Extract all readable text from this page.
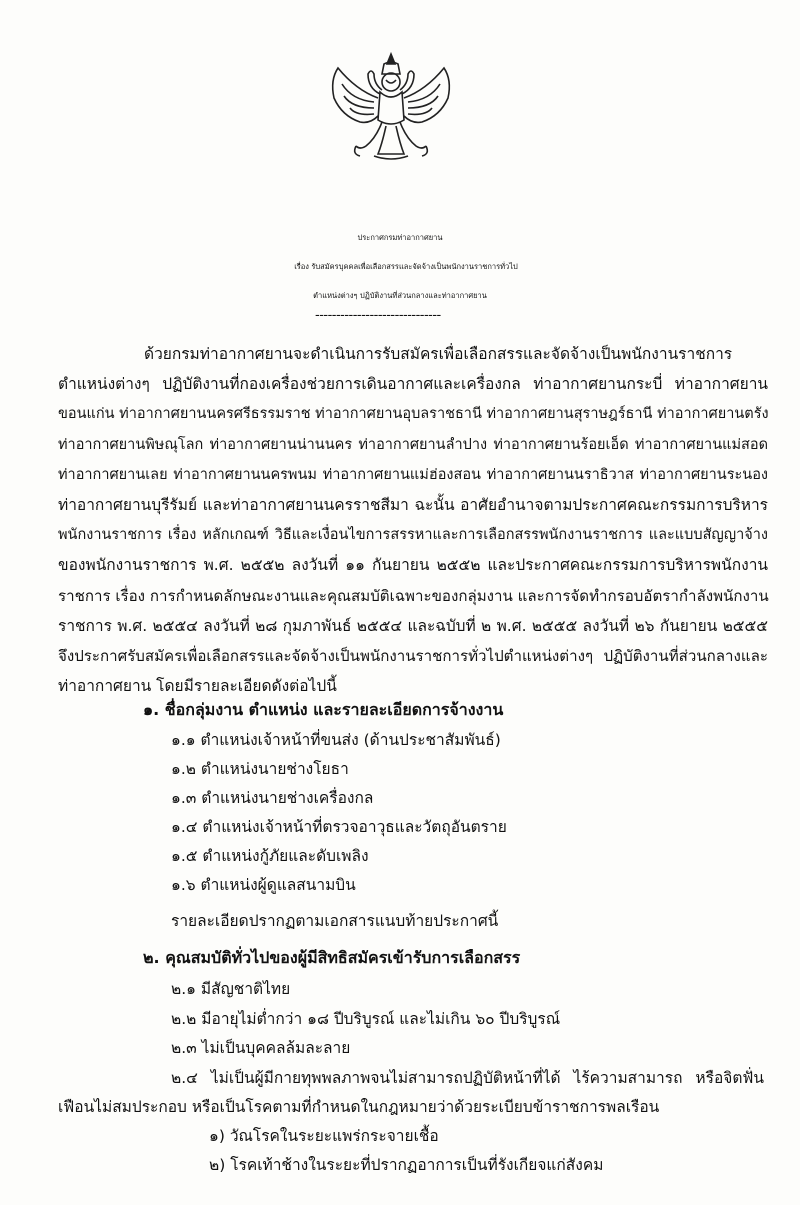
ประกาศกรมท่าอากาศยาน
เรื่อง รับสมัครบุคคลเพื่อเลือกสรรและจัดจ้างเป็นพนักงานราชการทั่วไป
ตำแหน่งต่างๆ ปฏิบัติงานที่ส่วนกลางและท่าอากาศยาน
------------------------------
ด้วยกรมท่าอากาศยานจะดำเนินการรับสมัครเพื่อเลือกสรรและจัดจ้างเป็นพนักงานราชการ
ตำแหน่งต่างๆ ปฏิบัติงานที่กองเครื่องช่วยการเดินอากาศและเครื่องกล ท่าอากาศยานกระบี่ ท่าอากาศยาน
ขอนแก่น ท่าอากาศยานนครศรีธรรมราช ท่าอากาศยานอุบลราชธานี ท่าอากาศยานสุราษฎร์ธานี ท่าอากาศยานตรัง
ท่าอากาศยานพิษณุโลก ท่าอากาศยานน่านนคร ท่าอากาศยานลำปาง ท่าอากาศยานร้อยเอ็ด ท่าอากาศยานแม่สอด
ท่าอากาศยานเลย ท่าอากาศยานนครพนม ท่าอากาศยานแม่ฮ่องสอน ท่าอากาศยานนราธิวาส ท่าอากาศยานระนอง
ท่าอากาศยานบุรีรัมย์ และท่าอากาศยานนครราชสีมา ฉะนั้น อาศัยอำนาจตามประกาศคณะกรรมการบริหาร
พนักงานราชการ เรื่อง หลักเกณฑ์ วิธีและเงื่อนไขการสรรหาและการเลือกสรรพนักงานราชการ และแบบสัญญาจ้าง
ของพนักงานราชการ พ.ศ. ๒๕๕๒ ลงวันที่ ๑๑ กันยายน ๒๕๕๒ และประกาศคณะกรรมการบริหารพนักงาน
ราชการ เรื่อง การกำหนดลักษณะงานและคุณสมบัติเฉพาะของกลุ่มงาน และการจัดทำกรอบอัตรากำลังพนักงาน
ราชการ พ.ศ. ๒๕๕๔ ลงวันที่ ๒๘ กุมภาพันธ์ ๒๕๕๔ และฉบับที่ ๒ พ.ศ. ๒๕๕๕ ลงวันที่ ๒๖ กันยายน ๒๕๕๕
จึงประกาศรับสมัครเพื่อเลือกสรรและจัดจ้างเป็นพนักงานราชการทั่วไปตำแหน่งต่างๆ ปฏิบัติงานที่ส่วนกลางและ
ท่าอากาศยาน โดยมีรายละเอียดดังต่อไปนี้
๑. ชื่อกลุ่มงาน ตำแหน่ง และรายละเอียดการจ้างงาน
๑.๑ ตำแหน่งเจ้าหน้าที่ขนส่ง (ด้านประชาสัมพันธ์)
๑.๒ ตำแหน่งนายช่างโยธา
๑.๓ ตำแหน่งนายช่างเครื่องกล
๑.๔ ตำแหน่งเจ้าหน้าที่ตรวจอาวุธและวัตถุอันตราย
๑.๕ ตำแหน่งกู้ภัยและดับเพลิง
๑.๖ ตำแหน่งผู้ดูแลสนามบิน
รายละเอียดปรากฏตามเอกสารแนบท้ายประกาศนี้
๒. คุณสมบัติทั่วไปของผู้มีสิทธิสมัครเข้ารับการเลือกสรร
๒.๑ มีสัญชาติไทย
๒.๒ มีอายุไม่ต่ำกว่า ๑๘ ปีบริบูรณ์ และไม่เกิน ๖๐ ปีบริบูรณ์
๒.๓ ไม่เป็นบุคคลล้มละลาย
๒.๔ ไม่เป็นผู้มีกายทุพพลภาพจนไม่สามารถปฏิบัติหน้าที่ได้ ไร้ความสามารถ หรือจิตฟั่น
เฟือนไม่สมประกอบ หรือเป็นโรคตามที่กำหนดในกฎหมายว่าด้วยระเบียบข้าราชการพลเรือน
๑) วัณโรคในระยะแพร่กระจายเชื้อ
๒) โรคเท้าช้างในระยะที่ปรากฏอาการเป็นที่รังเกียจแก่สังคม
